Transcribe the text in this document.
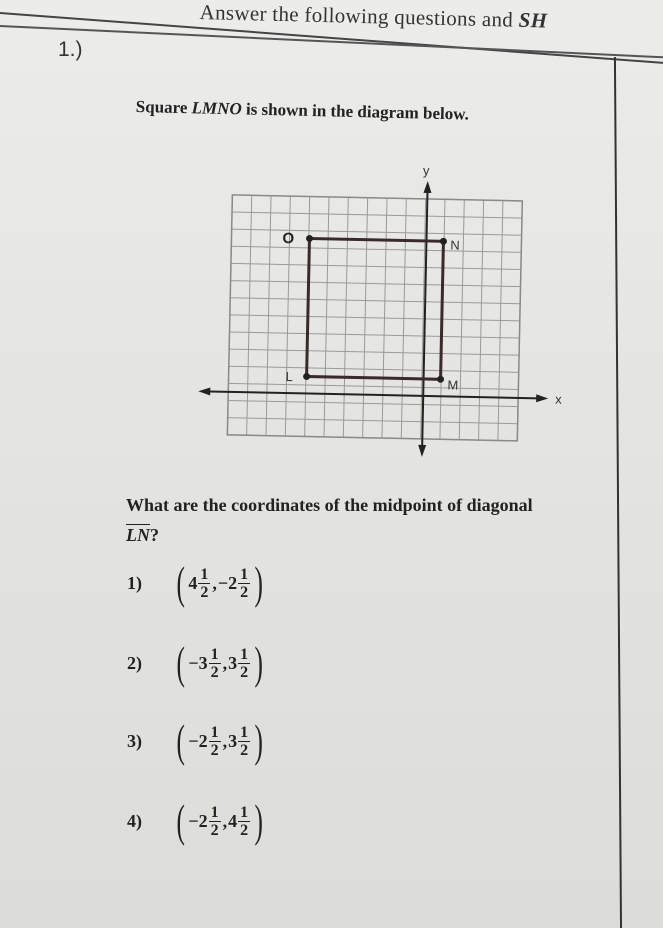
Answer the following questions and SH
1.)
Square LMNO is shown in the diagram below.
y
x
O	N
L
M
What are the coordinates of the midpoint of diagonal $\overline{LN}$?
1) ( $4 \frac{1}{2}$ , − $2 \frac{1}{2}$ )
2) ( − $3 \frac{1}{2}$ , $3 \frac{1}{2}$ )
3) ( − $2 \frac{1}{2}$ , $3 \frac{1}{2}$ )
4) ( − $2 \frac{1}{2}$ , $4 \frac{1}{2}$ )
